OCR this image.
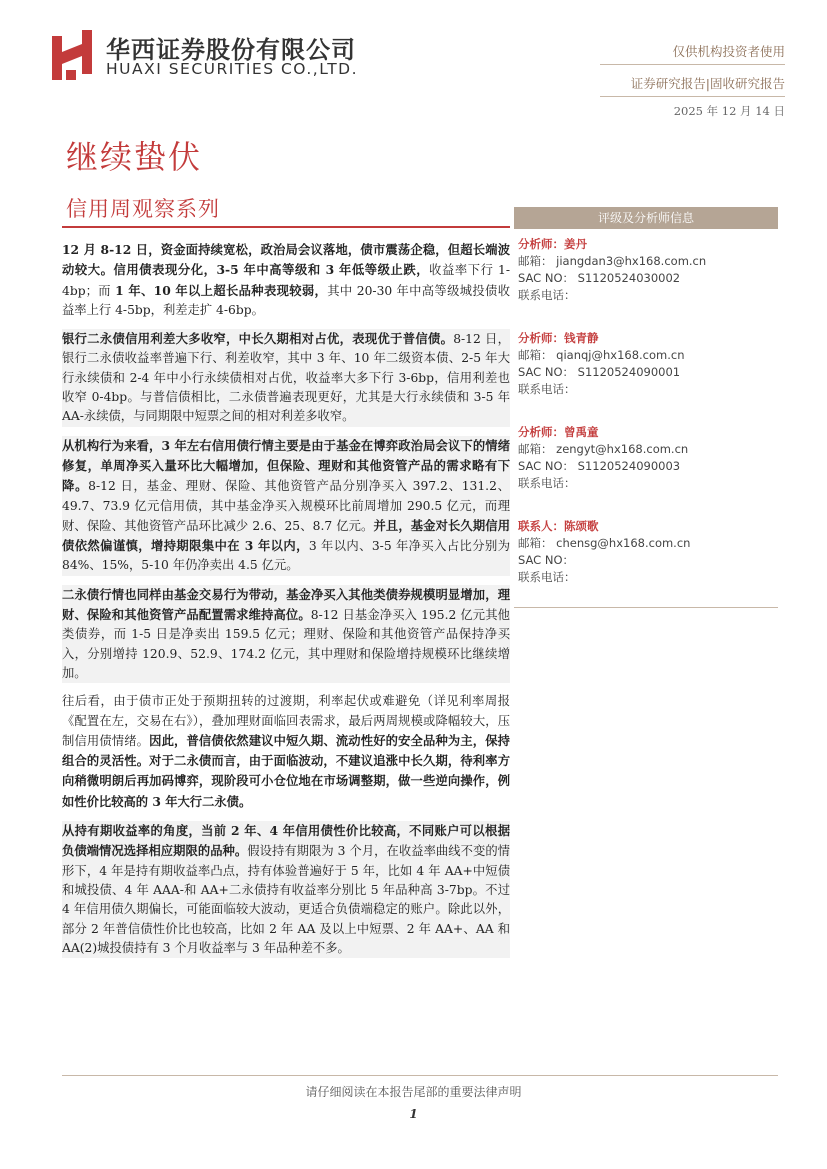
华西证券股份有限公司
HUAXI SECURITIES CO.,LTD.
仅供机构投资者使用
证券研究报告|固收研究报告
2025 年 12 月 14 日
继续蛰伏
信用周观察系列	评级及分析师信息
分析师：姜丹
邮箱： jiangdan3@hx168.com.cn
SAC NO： S1120524030002
联系电话：
分析师：钱青静
邮箱： qianqj@hx168.com.cn
SAC NO： S1120524090001
联系电话：
分析师：曾禹童
邮箱： zengyt@hx168.com.cn
SAC NO： S1120524090003
联系电话：
联系人：陈颂歌
邮箱： chensg@hx168.com.cn
SAC NO：
联系电话：

12 月 8-12 日，资金面持续宽松，政治局会议落地，债市震荡企稳，但超长端波动较大。信用债表现分化，3-5 年中高等级和 3 年低等级止跌，收益率下行 1-4bp；而 1 年、10 年以上超长品种表现较弱，其中 20-30 年中高等级城投债收益率上行 4-5bp，利差走扩 4-6bp。

银行二永债信用利差大多收窄，中长久期相对占优，表现优于普信债。8-12 日，银行二永债收益率普遍下行、利差收窄，其中 3 年、10 年二级资本债、2-5 年大行永续债和 2-4 年中小行永续债相对占优，收益率大多下行 3-6bp，信用利差也收窄 0-4bp。与普信债相比，二永债普遍表现更好，尤其是大行永续债和 3-5 年 AA-永续债，与同期限中短票之间的相对利差多收窄。

从机构行为来看，3 年左右信用债行情主要是由于基金在博弈政治局会议下的情绪修复，单周净买入量环比大幅增加，但保险、理财和其他资管产品的需求略有下降。8-12 日，基金、理财、保险、其他资管产品分别净买入 397.2、131.2、49.7、73.9 亿元信用债，其中基金净买入规模环比前周增加 290.5 亿元，而理财、保险、其他资管产品环比减少 2.6、25、8.7 亿元。并且，基金对长久期信用债依然偏谨慎，增持期限集中在 3 年以内，3 年以内、3-5 年净买入占比分别为 84%、15%，5-10 年仍净卖出 4.5 亿元。

二永债行情也同样由基金交易行为带动，基金净买入其他类债券规模明显增加，理财、保险和其他资管产品配置需求维持高位。8-12 日基金净买入 195.2 亿元其他类债券，而 1-5 日是净卖出 159.5 亿元；理财、保险和其他资管产品保持净买入，分别增持 120.9、52.9、174.2 亿元，其中理财和保险增持规模环比继续增加。

往后看，由于债市正处于预期扭转的过渡期，利率起伏或难避免（详见利率周报《配置在左，交易在右》），叠加理财面临回表需求，最后两周规模或降幅较大，压制信用债情绪。因此，普信债依然建议中短久期、流动性好的安全品种为主，保持组合的灵活性。对于二永债而言，由于面临波动，不建议追涨中长久期，待利率方向稍微明朗后再加码博弈，现阶段可小仓位地在市场调整期，做一些逆向操作，例如性价比较高的 3 年大行二永债。

从持有期收益率的角度，当前 2 年、4 年信用债性价比较高，不同账户可以根据负债端情况选择相应期限的品种。假设持有期限为 3 个月，在收益率曲线不变的情形下，4 年是持有期收益率凸点，持有体验普遍好于 5 年，比如 4 年 AA+中短债和城投债、4 年 AAA-和 AA+二永债持有收益率分别比 5 年品种高 3-7bp。不过 4 年信用债久期偏长，可能面临较大波动，更适合负债端稳定的账户。除此以外，部分 2 年普信债性价比也较高，比如 2 年 AA 及以上中短票、2 年 AA+、AA 和 AA(2)城投债持有 3 个月收益率与 3 年品种差不多。

请仔细阅读在本报告尾部的重要法律声明
1
